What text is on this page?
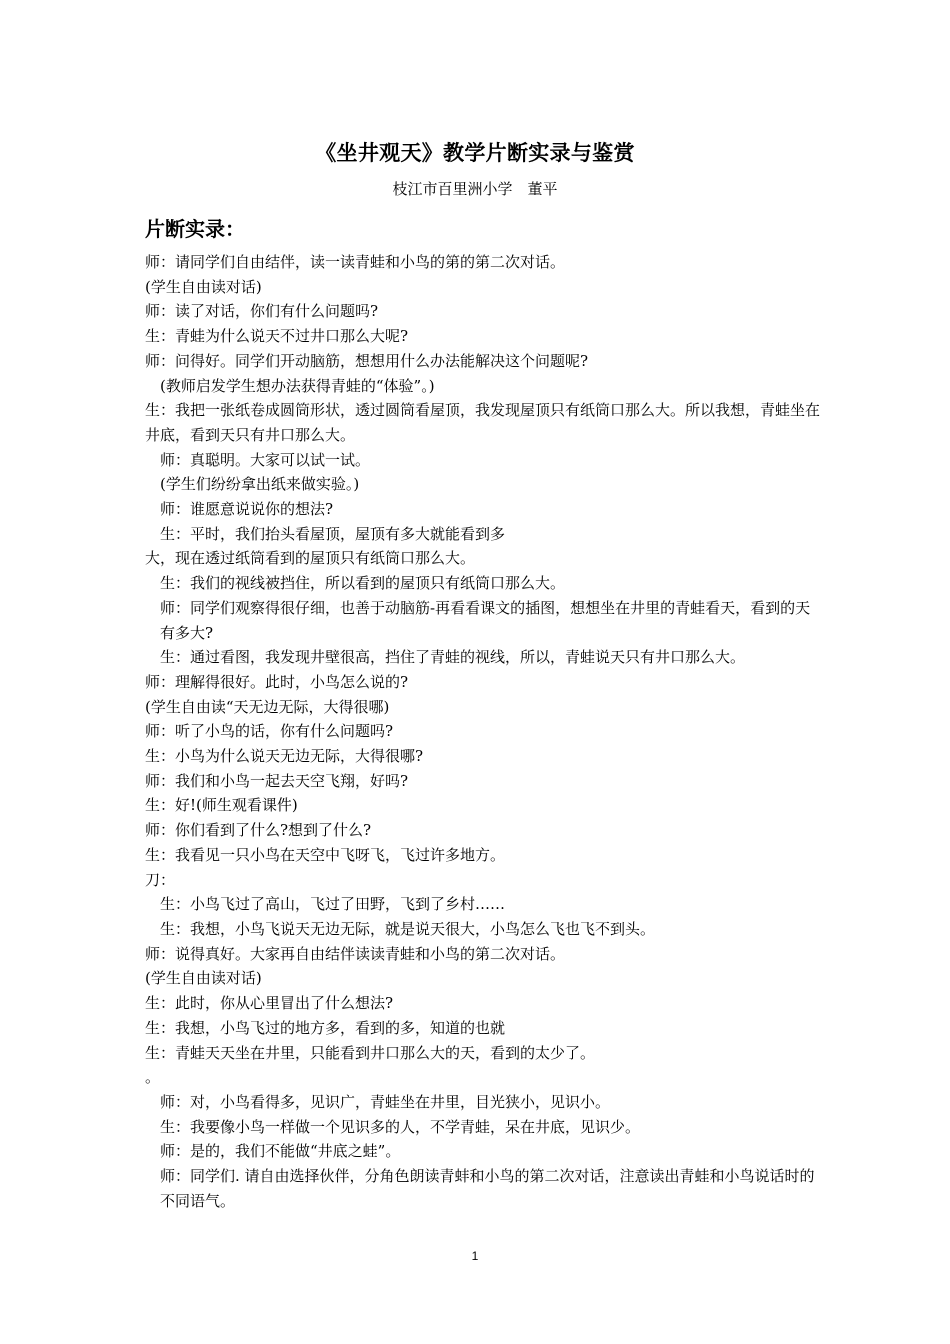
《坐井观天》教学片断实录与鉴赏
枝江市百里洲小学　董平
片断实录：

师：请同学们自由结伴，读一读青蛙和小鸟的第的第二次对话。

(学生自由读对话)

师：读了对话，你们有什么问题吗?

生：青蛙为什么说天不过井口那么大呢?

师：问得好。同学们开动脑筋，想想用什么办法能解决这个问题呢?

(教师启发学生想办法获得青蛙的“体验”。)

生：我把一张纸卷成圆筒形状，透过圆筒看屋顶，我发现屋顶只有纸筒口那么大。所以我想，青蛙坐在井底，看到天只有井口那么大。

师：真聪明。大家可以试一试。

(学生们纷纷拿出纸来做实验。)

师：谁愿意说说你的想法?

生：平时，我们抬头看屋顶，屋顶有多大就能看到多

大，现在透过纸筒看到的屋顶只有纸筒口那么大。

生：我们的视线被挡住，所以看到的屋顶只有纸筒口那么大。

师：同学们观察得很仔细，也善于动脑筋-再看看课文的插图，想想坐在井里的青蛙看天，看到的天有多大?

生：通过看图，我发现井壁很高，挡住了青蛙的视线，所以，青蛙说天只有井口那么大。

师：理解得很好。此时，小鸟怎么说的?

(学生自由读“天无边无际，大得很哪)

师：听了小鸟的话，你有什么问题吗?

生：小鸟为什么说天无边无际，大得很哪?

师：我们和小鸟一起去天空飞翔，好吗?

生：好!(师生观看课件)

师：你们看到了什么?想到了什么?

生：我看见一只小鸟在天空中飞呀飞，飞过许多地方。

刀：

生：小鸟飞过了高山，飞过了田野，飞到了乡村……

生：我想，小鸟飞说天无边无际，就是说天很大，小鸟怎么飞也飞不到头。

师：说得真好。大家再自由结伴读读青蛙和小鸟的第二次对话。

(学生自由读对话)

生：此时，你从心里冒出了什么想法?

生：我想，小鸟飞过的地方多，看到的多，知道的也就

生：青蛙天天坐在井里，只能看到井口那么大的天，看到的太少了。

。

师：对，小鸟看得多，见识广，青蛙坐在井里，目光狭小，见识小。

生：我要像小鸟一样做一个见识多的人，不学青蛙，呆在井底，见识少。

师：是的，我们不能做“井底之蛙”。

师：同学们. 请自由选择伙伴，分角色朗读青蚌和小鸟的第二次对话，注意读出青蛙和小鸟说话时的不同语气。

1
